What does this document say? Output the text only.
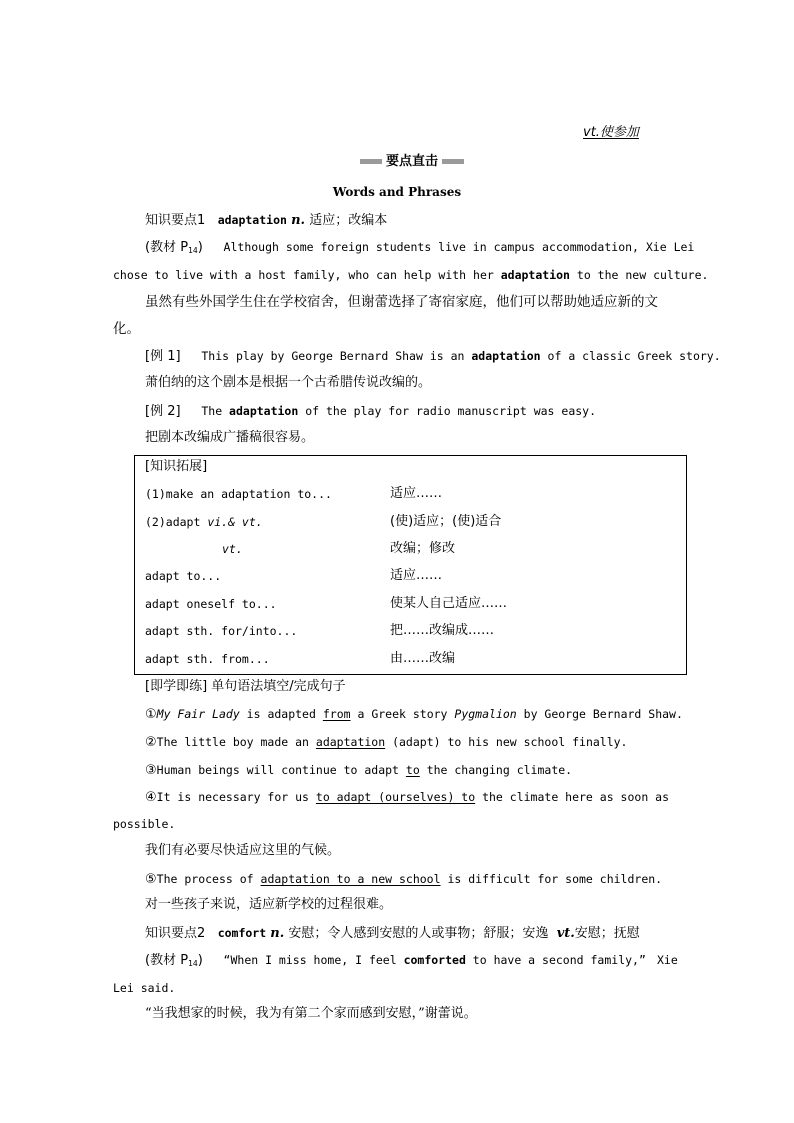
vt.使参加
要点直击
Words and Phrases
知识要点1 adaptation n. 适应；改编本
(教材 $P_{14}$) Although some foreign students live in campus accommodation, Xie Lei
chose to live with a host family, who can help with her adaptation to the new culture.
虽然有些外国学生住在学校宿舍，但谢蕾选择了寄宿家庭，他们可以帮助她适应新的文
化。
[例 1] This play by George Bernard Shaw is an adaptation of a classic Greek story.
萧伯纳的这个剧本是根据一个古希腊传说改编的。
[例 2] The adaptation of the play for radio manuscript was easy.
把剧本改编成广播稿很容易。
[知识拓展]
(1)make an adaptation to...	适应……
(2)adapt vi.& vt.	(使)适应；(使)适合
vt.	改编；修改
adapt to...	适应……
adapt oneself to...	使某人自己适应……
adapt sth. for/into...	把……改编成……
adapt sth. from...	由……改编
[即学即练] 单句语法填空/完成句子
①My Fair Lady is adapted from a Greek story Pygmalion by George Bernard Shaw.
②The little boy made an adaptation (adapt) to his new school finally.
③Human beings will continue to adapt to the changing climate.
④It is necessary for us to adapt (ourselves) to the climate here as soon as
possible.
我们有必要尽快适应这里的气候。
⑤The process of adaptation to a new school is difficult for some children.
对一些孩子来说，适应新学校的过程很难。
知识要点2 comfort n. 安慰；令人感到安慰的人或事物；舒服；安逸 vt.安慰；抚慰
(教材 $P_{14}$) “When I miss home, I feel comforted to have a second family,” Xie
Lei said.
“当我想家的时候，我为有第二个家而感到安慰，”谢蕾说。
